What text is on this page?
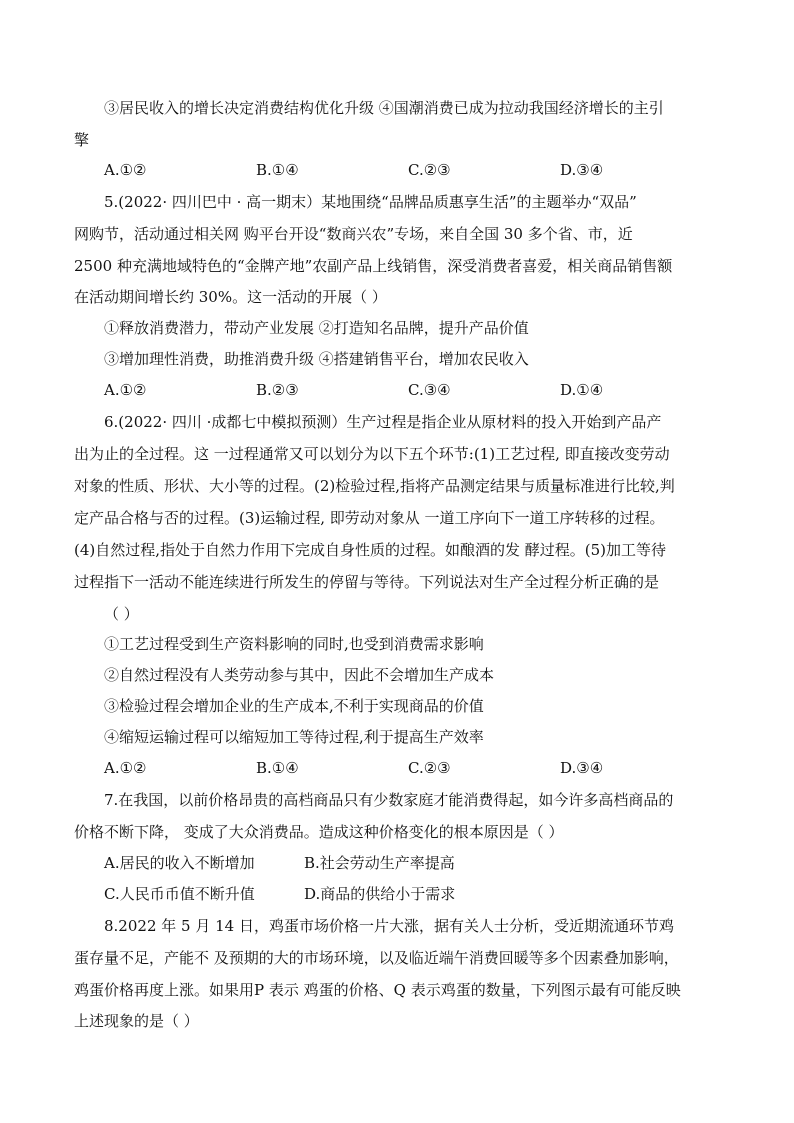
③居民收入的增长决定消费结构优化升级 ④国潮消费已成为拉动我国经济增长的主引
擎
A.①②	B.①④	C.②③	D.③④
5.(2022· 四川巴中 · 高一期末）某地围绕“品牌品质惠享生活”的主题举办“双品”
网购节，活动通过相关网 购平台开设“数商兴农”专场，来自全国 30 多个省、市，近
2500 种充满地域特色的“金牌产地”农副产品上线销售，深受消费者喜爱，相关商品销售额
在活动期间增长约 30%。这一活动的开展（ ）
①释放消费潜力，带动产业发展 ②打造知名品牌，提升产品价值
③增加理性消费，助推消费升级 ④搭建销售平台，增加农民收入
A.①②	B.②③	C.③④	D.①④
6.(2022· 四川 ·成都七中模拟预测）生产过程是指企业从原材料的投入开始到产品产
出为止的全过程。这 一过程通常又可以划分为以下五个环节:(1)工艺过程, 即直接改变劳动
对象的性质、形状、大小等的过程。(2)检验过程,指将产品测定结果与质量标准进行比较,判
定产品合格与否的过程。(3)运输过程, 即劳动对象从 一道工序向下一道工序转移的过程。
(4)自然过程,指处于自然力作用下完成自身性质的过程。如酿酒的发 酵过程。(5)加工等待
过程指下一活动不能连续进行所发生的停留与等待。下列说法对生产全过程分析正确的是
（ ）
①工艺过程受到生产资料影响的同时,也受到消费需求影响
②自然过程没有人类劳动参与其中，因此不会增加生产成本
③检验过程会增加企业的生产成本,不利于实现商品的价值
④缩短运输过程可以缩短加工等待过程,利于提高生产效率
A.①②	B.①④	C.②③	D.③④
7.在我国，以前价格昂贵的高档商品只有少数家庭才能消费得起，如今许多高档商品的
价格不断下降， 变成了大众消费品。造成这种价格变化的根本原因是（ ）
A.居民的收入不断增加	B.社会劳动生产率提高
C.人民币币值不断升值	D.商品的供给小于需求
8.2022 年 5 月 14 日，鸡蛋市场价格一片大涨，据有关人士分析，受近期流通环节鸡
蛋存量不足，产能不 及预期的大的市场环境，以及临近端午消费回暖等多个因素叠加影响，
鸡蛋价格再度上涨。如果用P 表示 鸡蛋的价格、Q 表示鸡蛋的数量，下列图示最有可能反映
上述现象的是（ ）
